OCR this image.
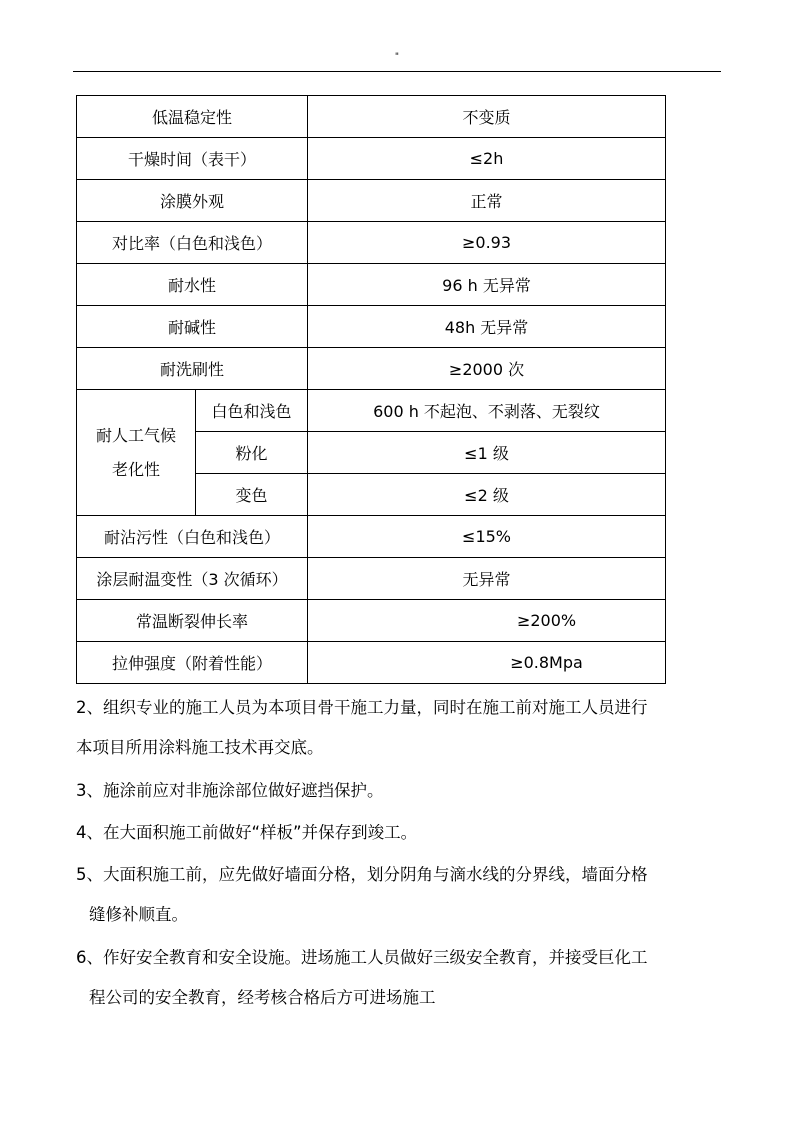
"
低温稳定性		不变质
干燥时间（表干）		≤2h
涂膜外观		正常
对比率（白色和浅色）		≥0.93
耐水性		96 h 无异常
耐碱性		48h 无异常
耐洗刷性		≥2000 次

耐人工气候
老化性	白色和浅色	600 h 不起泡、不剥落、无裂纹
	粉化	≤1 级
	变色	≤2 级
耐沾污性（白色和浅色）		≤15%
涂层耐温变性（3 次循环）		无异常
常温断裂伸长率		≥200%
拉伸强度（附着性能）		≥0.8Mpa

2、组织专业的施工人员为本项目骨干施工力量，同时在施工前对施工人员进行

本项目所用涂料施工技术再交底。

3、施涂前应对非施涂部位做好遮挡保护。

4、在大面积施工前做好“样板”并保存到竣工。

5、大面积施工前，应先做好墙面分格，划分阴角与滴水线的分界线，墙面分格

缝修补顺直。

6、作好安全教育和安全设施。进场施工人员做好三级安全教育，并接受巨化工

程公司的安全教育，经考核合格后方可进场施工
